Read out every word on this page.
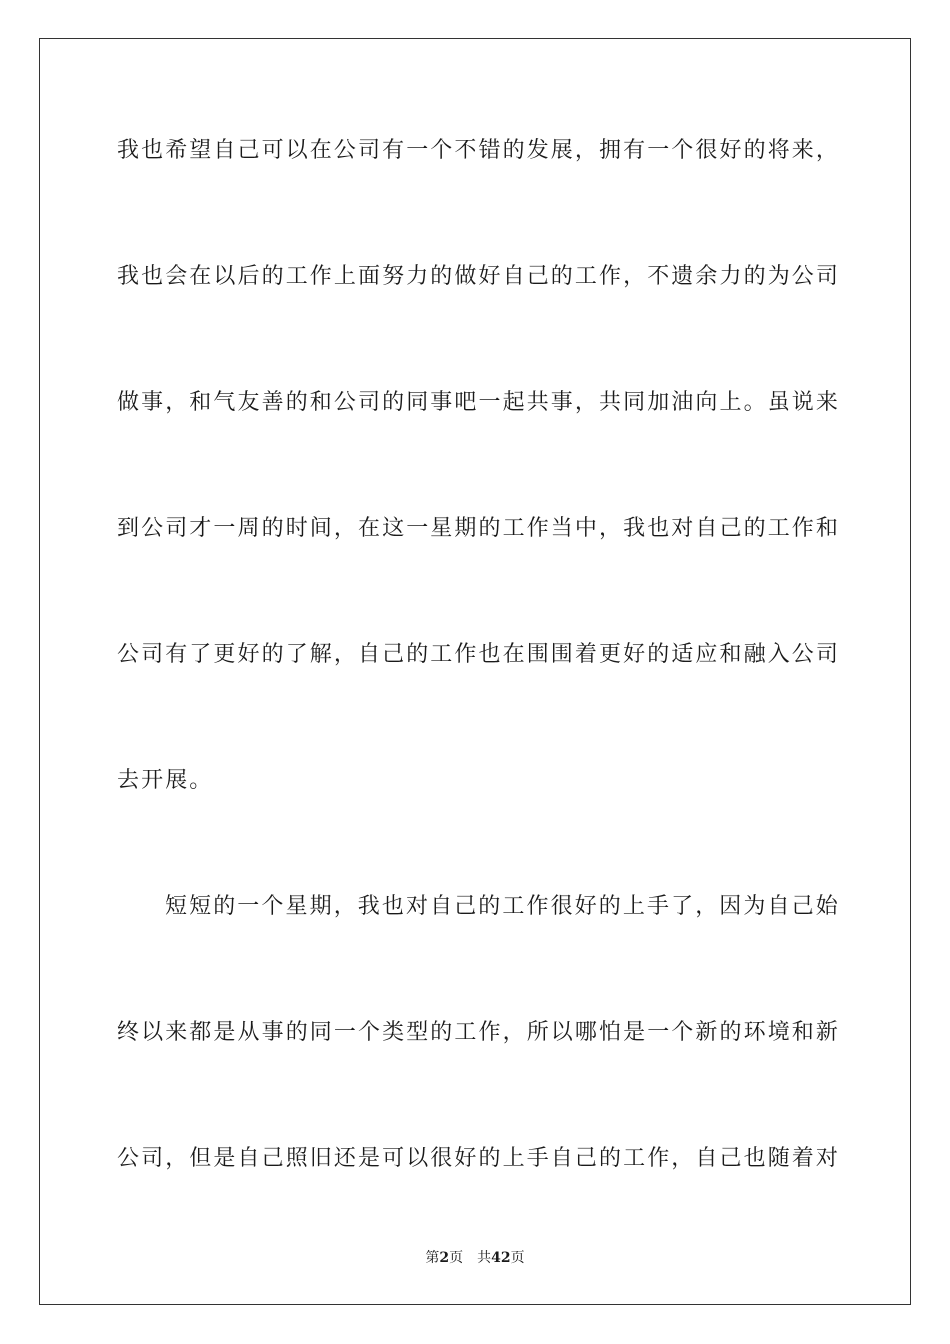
我也希望自己可以在公司有一个不错的发展，拥有一个很好的将来，
我也会在以后的工作上面努力的做好自己的工作，不遗余力的为公司
做事，和气友善的和公司的同事吧一起共事，共同加油向上。虽说来
到公司才一周的时间，在这一星期的工作当中，我也对自己的工作和
公司有了更好的了解，自己的工作也在围围着更好的适应和融入公司
去开展。
短短的一个星期，我也对自己的工作很好的上手了，因为自己始
终以来都是从事的同一个类型的工作，所以哪怕是一个新的环境和新
公司，但是自己照旧还是可以很好的上手自己的工作，自己也随着对
第2页 共42页
